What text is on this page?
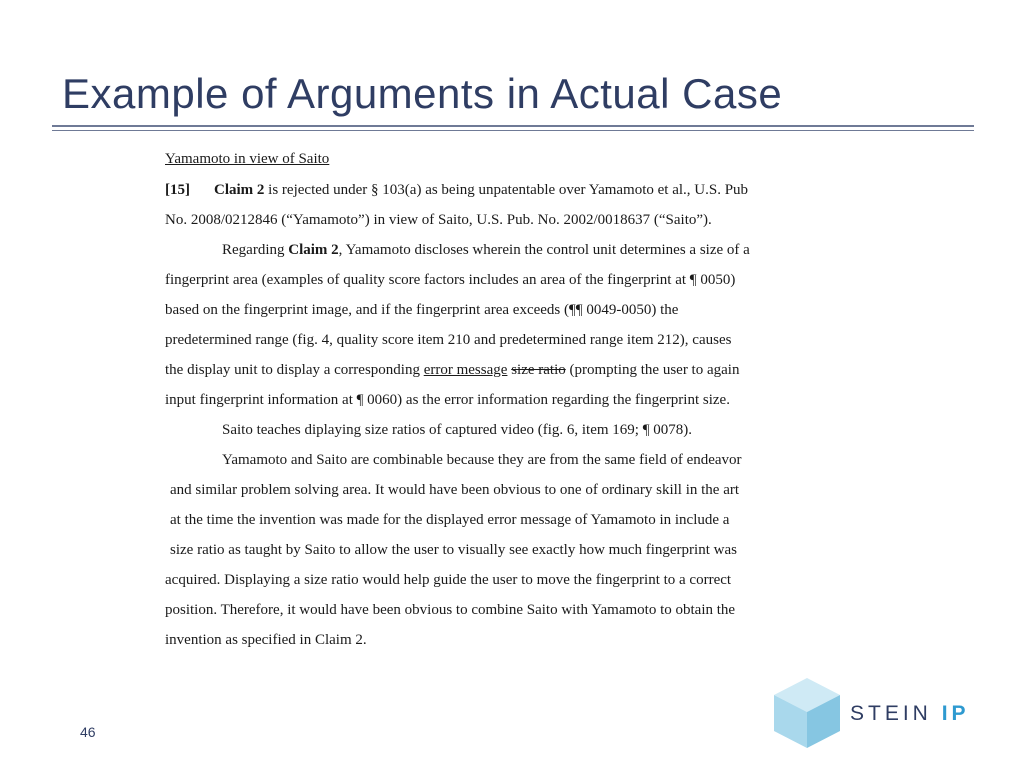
Example of Arguments in Actual Case
Yamamoto in view of Saito
[15] Claim 2 is rejected under § 103(a) as being unpatentable over Yamamoto et al., U.S. Pub
No. 2008/0212846 (“Yamamoto”) in view of Saito, U.S. Pub. No. 2002/0018637 (“Saito”).
Regarding Claim 2, Yamamoto discloses wherein the control unit determines a size of a
fingerprint area (examples of quality score factors includes an area of the fingerprint at ¶ 0050)
based on the fingerprint image, and if the fingerprint area exceeds (¶¶ 0049-0050) the
predetermined range (fig. 4, quality score item 210 and predetermined range item 212), causes
the display unit to display a corresponding error message size ratio (prompting the user to again
input fingerprint information at ¶ 0060) as the error information regarding the fingerprint size.
Saito teaches diplaying size ratios of captured video (fig. 6, item 169; ¶ 0078).
Yamamoto and Saito are combinable because they are from the same field of endeavor
and similar problem solving area. It would have been obvious to one of ordinary skill in the art
at the time the invention was made for the displayed error message of Yamamoto in include a
size ratio as taught by Saito to allow the user to visually see exactly how much fingerprint was
acquired. Displaying a size ratio would help guide the user to move the fingerprint to a correct
position. Therefore, it would have been obvious to combine Saito with Yamamoto to obtain the
invention as specified in Claim 2.
46
STEIN IP
